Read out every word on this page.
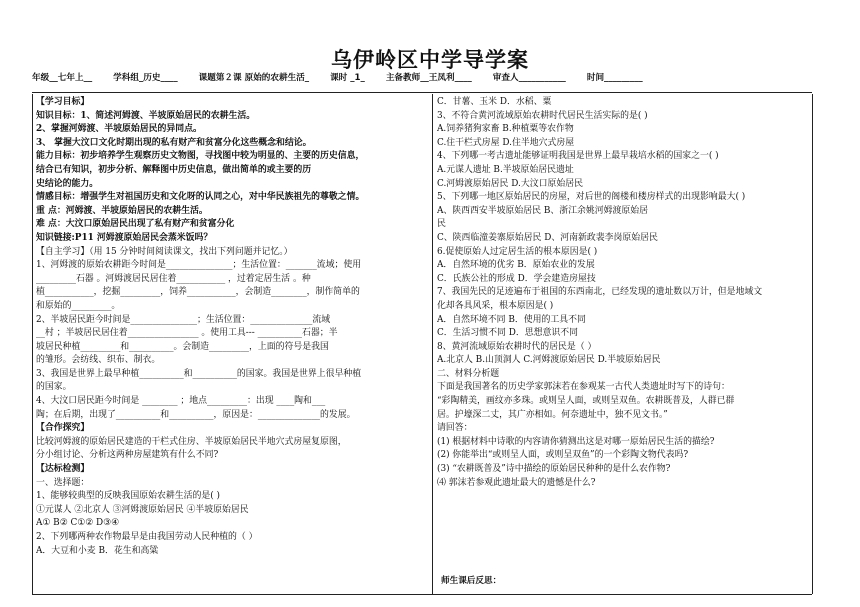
乌伊岭区中学导学案
年级__七年上__ 学科组_历史____ 课题第２课 原始的农耕生活_ 课时 _1_ 主备教师__王凤利____ 审查人___________ 时间_________

【学习目标】

知识目标：1、简述河姆渡、半坡原始居民的农耕生活。

2、掌握河姆渡、半坡原始居民的异同点。

3、 掌握大汶口文化时期出现的私有财产和贫富分化这些概念和结论。

能力目标：初步培养学生观察历史文物图，寻找图中较为明显的、主要的历史信息，

结合已有知识，初步分析、解释图中历史信息，做出简单的或主要的历

史结论的能力。

情感目标：增强学生对祖国历史和文化呀的认同之心，对中华民族祖先的尊敬之情。

重 点：河姆渡、半坡原始居民的农耕生活。

难 点：大汶口原始居民出现了私有财产和贫富分化

知识链接:P11 河姆渡原始居民会蒸米饭吗？

【自主学习】（用 15 分钟时间阅读课文，找出下列问题并记忆。）

1、河姆渡的原始农耕距今时间是_______________；生活位置：_______流域；使用

_________石器 。河姆渡居民居住着___________ ，过着定居生活 。种

植___________，挖掘_________，饲养___________，会制造________，制作简单的

和原始的_________。

2、半坡居民距今时间是_______________；生活位置：______________流域

__村 ；半坡居民居住着________________ 。使用工具--- __________石器；半

坡居民种植_________和__________。会制造_________，上面的符号是我国

的雏形。会纺线、织布、制衣。

3、我国是世界上最早种植__________和__________的国家。我国是世界上很早种植

的国家。

4、大汶口居民距今时间是 ________ ；地点_________：出现 ____陶和___

陶；在后期，出现了__________和__________，原因是：______________的发展。

【合作探究】

比较河姆渡的原始居民建造的干栏式住房、半坡原始居民半地穴式房屋复原图，

分小组讨论、分析这两种房屋建筑有什么不同?

【达标检测】

一、选择题：

1、能够较典型的反映我国原始农耕生活的是( )

①元谋人 ②北京人 ③河姆渡原始居民 ④半坡原始居民

A① B② C①② D③④

2、下列哪两种农作物最早是由我国劳动人民种植的（ ）

A．大豆和小麦 B．花生和高粱

C．甘薯、玉米 D．水稻、粟

3、不符合黄河流域原始农耕时代居民生活实际的是( )

A.饲养猪狗家畜 B.种植粟等农作物

C.住干栏式房屋 D.住半地穴式房屋

4、下列哪一考古遗址能够证明我国是世界上最早栽培水稻的国家之一( )

A.元谋人遗址 B.半坡原始居民遗址

C.河姆渡原始居民 D.大汶口原始居民

5、下列哪一地区原始居民的房屋，对后世的阁楼和楼房样式的出现影响最大( )

A、陕西西安半坡原始居民 B、浙江余姚河姆渡原始居

民

C、陕西临潼姜寨原始居民 D、河南新政裴李岗原始居民

6.促使原始人过定居生活的根本原因是( )

A．自然环境的优劣 B．原始农业的发展

C．氏族公社的形成 D．学会建造房屋技

7、我国先民的足迹遍布于祖国的东西南北，已经发现的遗址数以万计，但是地域文

化却各具风采，根本原因是( )

A．自然环境不同 B．使用的工具不同

C．生活习惯不同 D．思想意识不同

8、黄河流域原始农耕时代的居民是（ ）

A.北京人 B.山顶洞人 C.河姆渡原始居民 D.半坡原始居民

二、材料分析题

下面是我国著名的历史学家郭沫若在参观某一古代人类遗址时写下的诗句：

“彩陶精美，画纹亦多珠。或则呈人面，或则呈双鱼。农耕既普及，人群已群

居。护壕深二丈，其广亦相如。何奈遗址中，独不见文书。”

请回答：

(1) 根据材料中诗歌的内容请你猜测出这是对哪一原始居民生活的描绘?

(2) 你能举出“或则呈人面，或则呈双鱼”的一个彩陶文物代表吗?

(3) “农耕既普及”诗中描绘的原始居民种种的是什么农作物?

⑷ 郭沫若参观此遗址最大的遗憾是什么?

师生课后反思：
